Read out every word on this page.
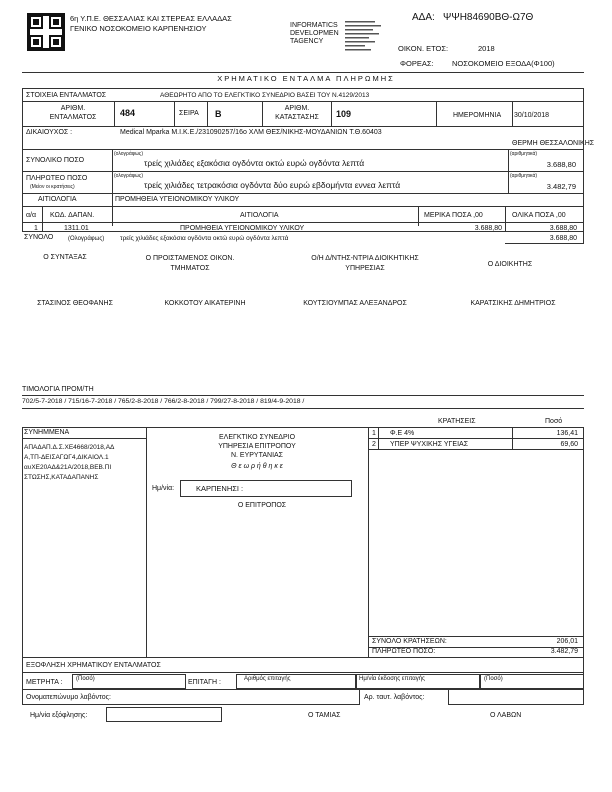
6η Υ.Π.Ε. ΘΕΣΣΑΛΙΑΣ ΚΑΙ ΣΤΕΡΕΑΣ ΕΛΛΑΔΑΣ
ΓΕΝΙΚΟ ΝΟΣΟΚΟΜΕΙΟ ΚΑΡΠΕΝΗΣΙΟΥ	INFORMATICS
DEVELOPMEN
TAGENCY
ΑΔΑ: ΨΨΗ84690ΒΘ-Ω7Θ
ΟΙΚΟΝ. ΕΤΟΣ:	2018
ΦΟΡΕΑΣ: ΝΟΣΟΚΟΜΕΙΟ ΕΞΟΔΑ(Φ100)
ΧΡΗΜΑΤΙΚΟ ΕΝΤΑΛΜΑ ΠΛΗΡΩΜΗΣ
ΣΤΟΙΧΕΙΑ ΕΝΤΑΛΜΑΤΟΣ	ΑΘΕΩΡΗΤΟ ΑΠΟ ΤΟ ΕΛΕΓΚΤΙΚΟ ΣΥΝΕΔΡΙΟ ΒΑΣΕΙ ΤΟΥ Ν.4129/2013
ΑΡΙΘΜ. ΕΝΤΑΛΜΑΤΟΣ	484	ΣΕΙΡΑ Β
ΑΡΙΘΜ. ΚΑΤΑΣΤΑΣΗΣ	109	ΗΜΕΡΟΜΗΝΙΑ 30/10/2018
ΔΙΚΑΙΟΥΧΟΣ :	Medical Mparka Μ.Ι.Κ.Ε./231090257/16ο ΧΛΜ ΘΕΣ/ΝΙΚΗΣ-ΜΟΥΔΑΝΙΩΝ Τ.Θ.60403
ΘΕΡΜΗ ΘΕΣΣΑΛΟΝΙΚΗΣ
ΣΥΝΟΛΙΚΟ ΠΟΣΟ
(ολογράφως)
τρείς χιλιάδες εξακόσια ογδόντα οκτώ ευρώ ογδόντα λεπτά
(αριθμητικά)
3.688,80
ΠΛΗΡΩΤΕΟ ΠΟΣΟ
(Μείον οι κρατήσεις)
(ολογράφως)
τρείς χιλιάδες τετρακόσια ογδόντα δύο ευρώ εβδομήντα εννεα λεπτά
(αριθμητικά)
3.482,79
ΑΙΤΙΟΛΟΓΙΑ	ΠΡΟΜΗΘΕΙΑ ΥΓΕΙΟΝΟΜΙΚΟΥ ΥΛΙΚΟΥ
α/α ΚΩΔ. ΔΑΠΑΝ.	ΑΙΤΙΟΛΟΓΙΑ	ΜΕΡΙΚΑ ΠΟΣΑ ,00	ΟΛΙΚΑ ΠΟΣΑ ,00
1	1311.01	ΠΡΟΜΗΘΕΙΑ ΥΓΕΙΟΝΟΜΙΚΟΥ ΥΛΙΚΟΥ	3.688,80	3.688,80
ΣΥΝΟΛΟ (Ολογράφως) τρείς χιλιάδες εξακόσια ογδόντα οκτώ ευρώ ογδόντα λεπτά	3.688,80
Ο ΣΥΝΤΑΞΑΣ	Ο ΠΡΟΙΣΤΑΜΕΝΟΣ ΟΙΚΟΝ. ΤΜΗΜΑΤΟΣ
Ο/Η Δ/ΝΤΗΣ-ΝΤΡΙΑ ΔΙΟΙΚΗΤΙΚΗΣ ΥΠΗΡΕΣΙΑΣ
Ο ΔΙΟΙΚΗΤΗΣ
ΣΤΑΣΙΝΟΣ ΘΕΟΦΑΝΗΣ	ΚΟΚΚΟΤΟΥ ΑΙΚΑΤΕΡΙΝΗ	ΚΟΥΤΣΙΟΥΜΠΑΣ ΑΛΕΞΑΝΔΡΟΣ	ΚΑΡΑΤΣΙΚΗΣ ΔΗΜΗΤΡΙΟΣ
ΤΙΜΟΛΟΓΙΑ ΠΡΟΜ/ΤΗ
702/5-7-2018 / 715/16-7-2018 / 765/2-8-2018 / 766/2-8-2018 / 799/27-8-2018 / 819/4-9-2018 /
ΣΥΝΗΜΜΕΝΑ
ΑΠΑΔΑΠ.Δ.Σ.ΧΕ4668/2018,ΑΔ
Α,ΤΠ-ΔΕΙΣΑΓΩΓ4,ΔΙΚΑΙΟΛ.1
αυΧΕ20ΑΔ&21Α/2018,ΒΕΒ.ΠΙ
ΣΤΩΣΗΣ,ΚΑΤΑΔΑΠΑΝΗΣ
ΕΛΕΓΚΤΙΚΟ ΣΥΝΕΔΡΙΟ
ΥΠΗΡΕΣΙΑ ΕΠΙΤΡΟΠΟΥ
Ν. ΕΥΡΥΤΑΝΙΑΣ
Θ ε ω ρ ή θ η κ ε
Ημ/νία:	ΚΑΡΠΕΝΗΣΙ :
Ο ΕΠΙΤΡΟΠΟΣ
ΚΡΑΤΗΣΕΙΣ	Ποσό
1 Φ.Ε 4%	136,41
2 ΥΠΕΡ ΨΥΧΙΚΗΣ ΥΓΕΙΑΣ	69,60
ΣΥΝΟΛΟ ΚΡΑΤΗΣΕΩΝ:	206,01
ΠΛΗΡΩΤΕΟ ΠΟΣΟ:	3.482,79
ΕΞΟΦΛΗΣΗ ΧΡΗΜΑΤΙΚΟΥ ΕΝΤΑΛΜΑΤΟΣ
ΜΕΤΡΗΤΑ : (Ποσό)	ΕΠΙΤΑΓΗ :	Αριθμός επιταγής	Ημ/νία έκδοσης επιταγής	(Ποσό)
Ονοματεπώνυμο λαβόντος:	Αρ. ταυτ. λαβόντος:
Ημ/νία εξόφλησης:	Ο ΤΑΜΙΑΣ	Ο ΛΑΒΩΝ
